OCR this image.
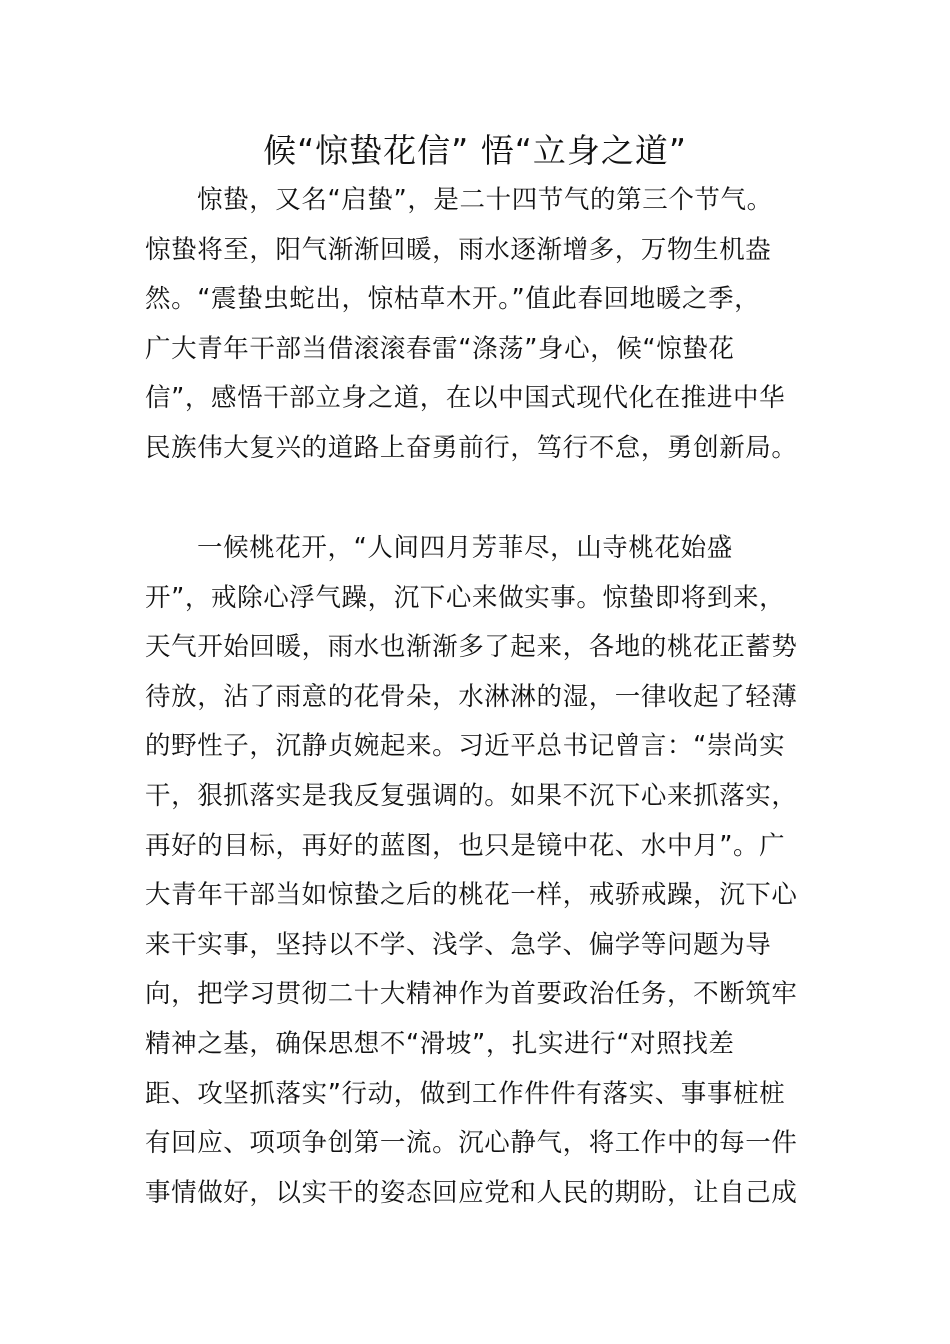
候“惊蛰花信” 悟“立身之道”
惊蛰，又名“启蛰”，是二十四节气的第三个节气。
惊蛰将至，阳气渐渐回暖，雨水逐渐增多，万物生机盎
然。“震蛰虫蛇出，惊枯草木开。”值此春回地暖之季，
广大青年干部当借滚滚春雷“涤荡”身心，候“惊蛰花
信”，感悟干部立身之道，在以中国式现代化在推进中华
民族伟大复兴的道路上奋勇前行，笃行不怠，勇创新局。
一候桃花开，“人间四月芳菲尽，山寺桃花始盛
开”，戒除心浮气躁，沉下心来做实事。惊蛰即将到来，
天气开始回暖，雨水也渐渐多了起来，各地的桃花正蓄势
待放，沾了雨意的花骨朵，水淋淋的湿，一律收起了轻薄
的野性子，沉静贞婉起来。习近平总书记曾言：“崇尚实
干，狠抓落实是我反复强调的。如果不沉下心来抓落实，
再好的目标，再好的蓝图，也只是镜中花、水中月”。广
大青年干部当如惊蛰之后的桃花一样，戒骄戒躁，沉下心
来干实事，坚持以不学、浅学、急学、偏学等问题为导
向，把学习贯彻二十大精神作为首要政治任务，不断筑牢
精神之基，确保思想不“滑坡”，扎实进行“对照找差
距、攻坚抓落实”行动，做到工作件件有落实、事事桩桩
有回应、项项争创第一流。沉心静气，将工作中的每一件
事情做好，以实干的姿态回应党和人民的期盼，让自己成
